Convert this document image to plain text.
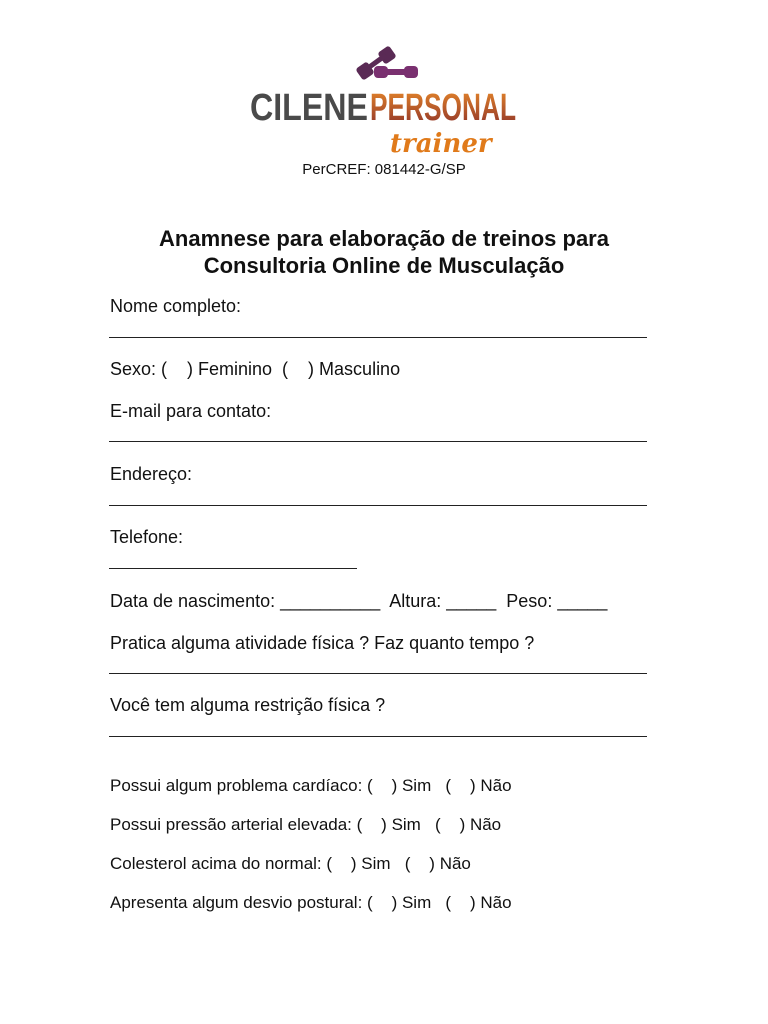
CILENE PERSONAL
trainer
PerCREF: 081442-G/SP
Anamnese para elaboração de treinos para
Consultoria Online de Musculação
Nome completo:
Sexo: (    ) Feminino  (    ) Masculino
E-mail para contato:
Endereço:
Telefone:
Data de nascimento: __________  Altura: _____  Peso: _____
Pratica alguma atividade física ? Faz quanto tempo ?
Você tem alguma restrição física ?
Possui algum problema cardíaco: (    ) Sim   (    ) Não
Possui pressão arterial elevada: (    ) Sim   (    ) Não
Colesterol acima do normal: (    ) Sim   (    ) Não
Apresenta algum desvio postural: (    ) Sim   (    ) Não
